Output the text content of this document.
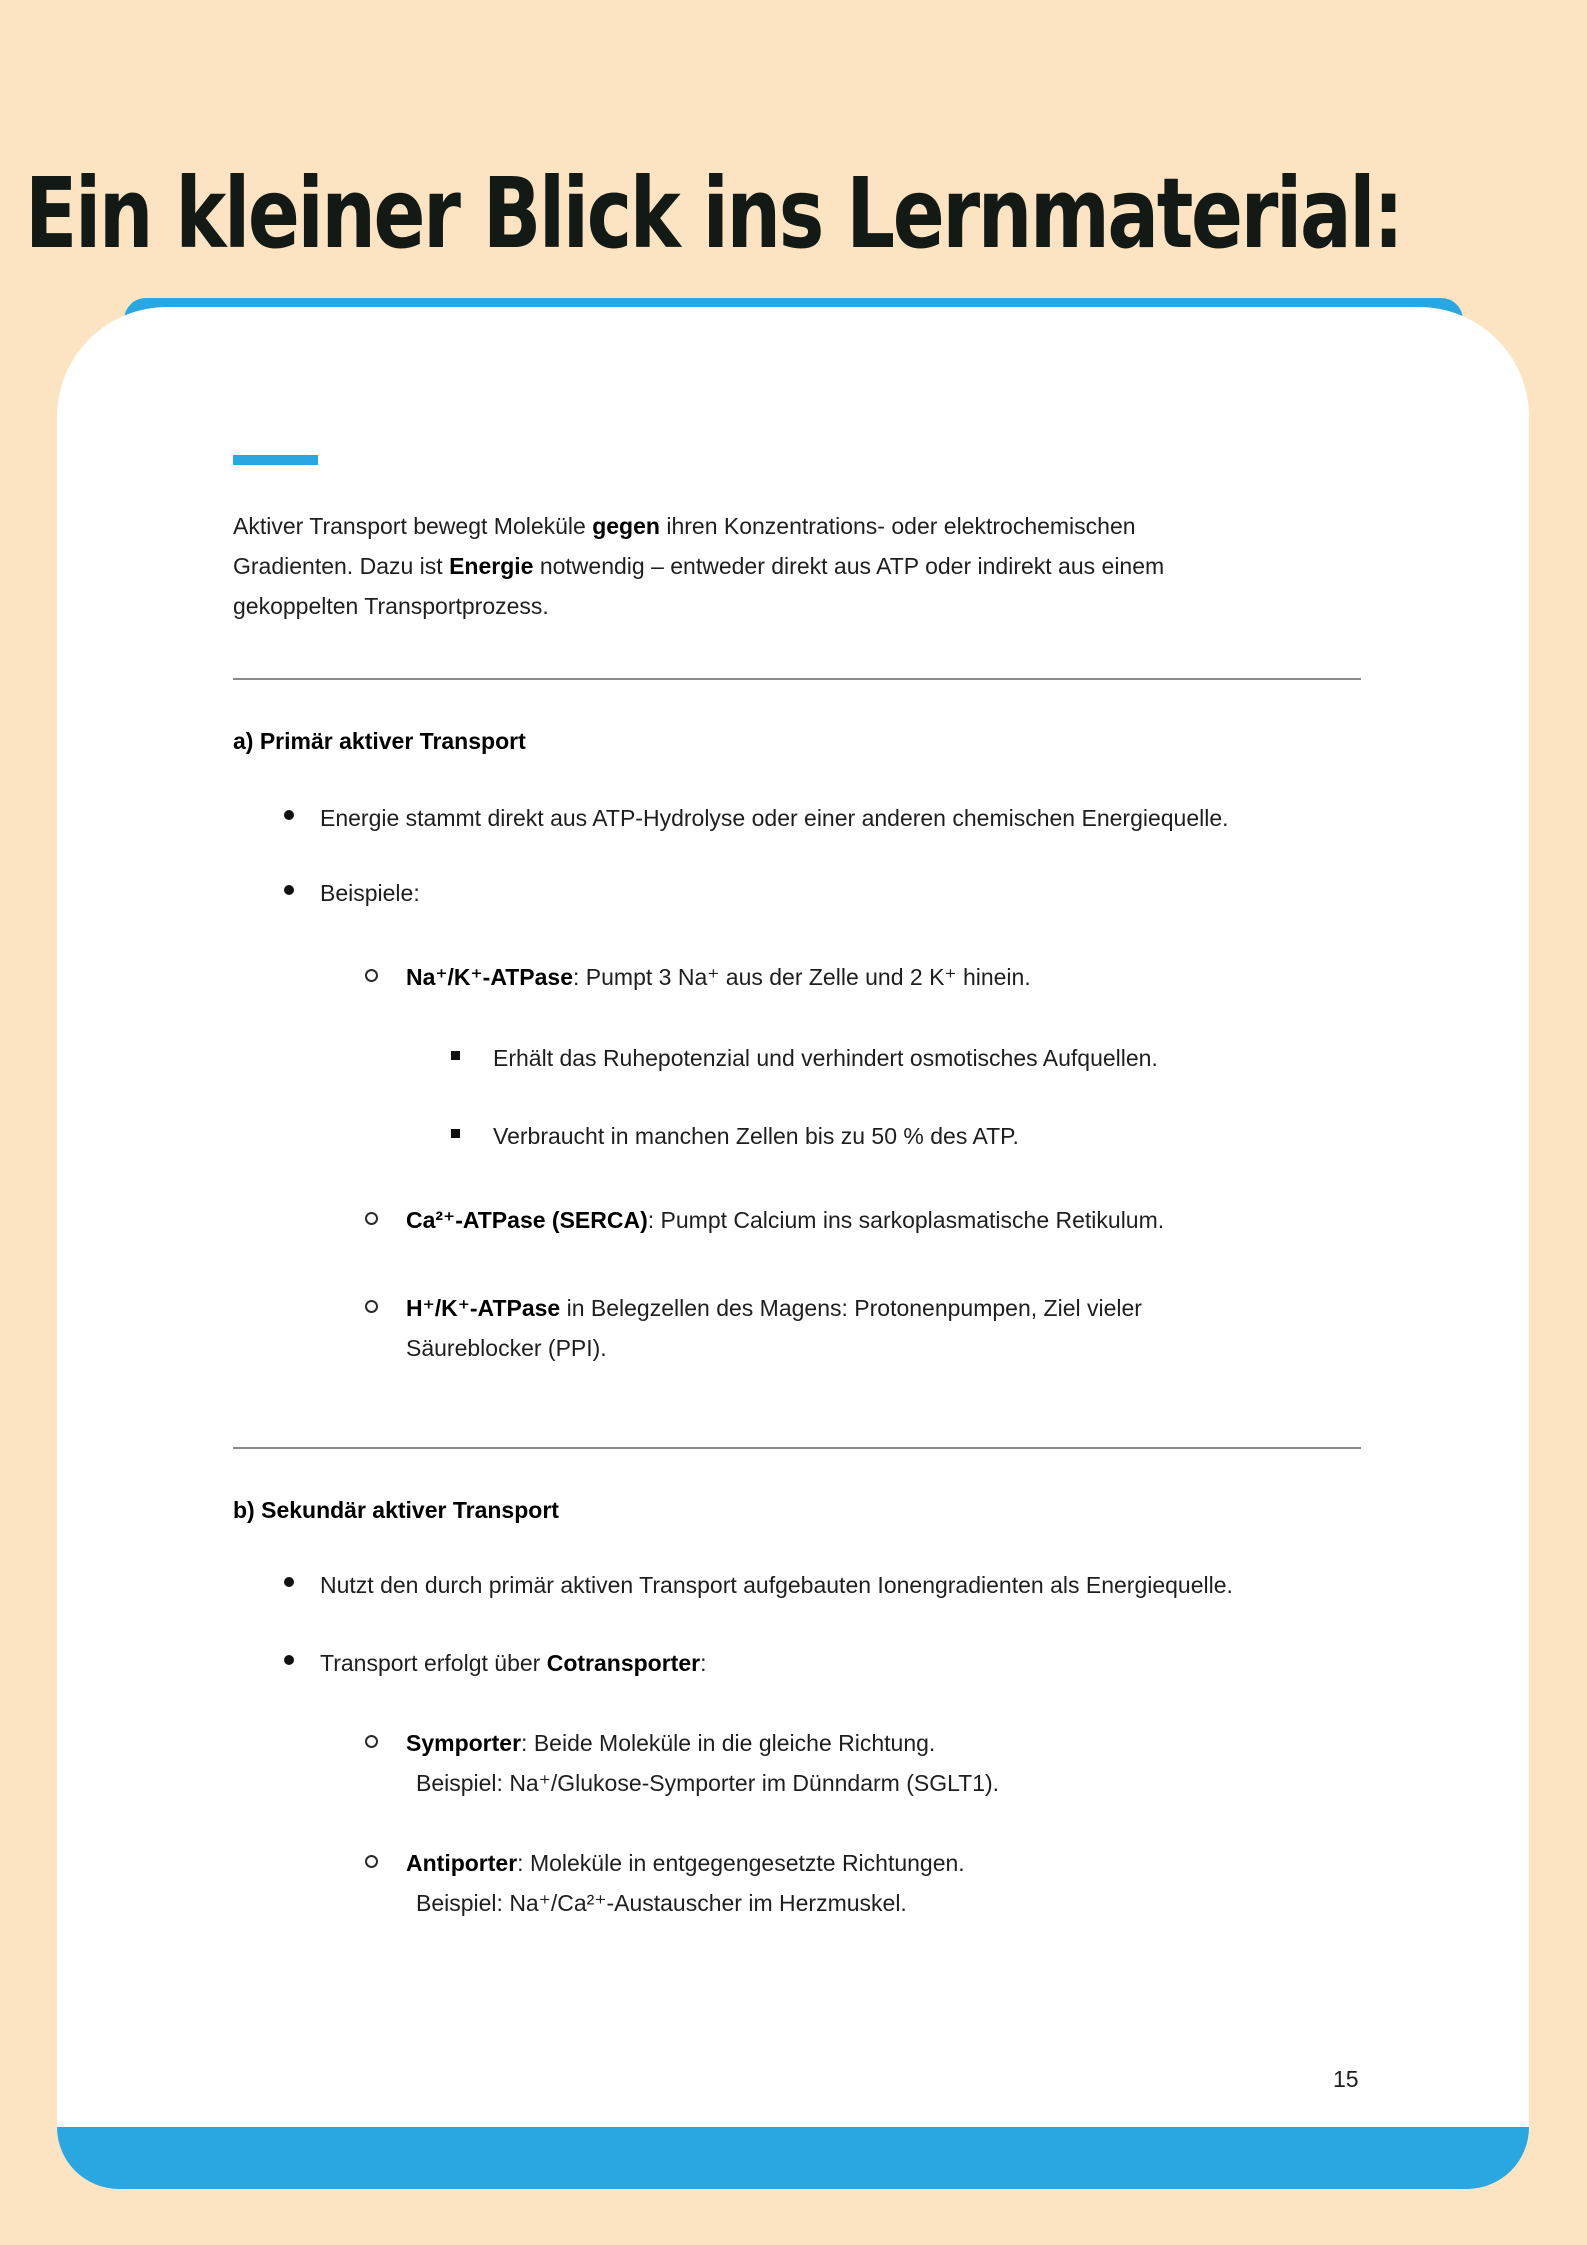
Ein kleiner Blick ins Lernmaterial:
Aktiver Transport bewegt Moleküle gegen ihren Konzentrations- oder elektrochemischen
Gradienten. Dazu ist Energie notwendig – entweder direkt aus ATP oder indirekt aus einem
gekoppelten Transportprozess.
a) Primär aktiver Transport
Energie stammt direkt aus ATP-Hydrolyse oder einer anderen chemischen Energiequelle.
Beispiele:
Na⁺/K⁺-ATPase: Pumpt 3 Na⁺ aus der Zelle und 2 K⁺ hinein.
Erhält das Ruhepotenzial und verhindert osmotisches Aufquellen.
Verbraucht in manchen Zellen bis zu 50 % des ATP.
Ca²⁺-ATPase (SERCA): Pumpt Calcium ins sarkoplasmatische Retikulum.
H⁺/K⁺-ATPase in Belegzellen des Magens: Protonenpumpen, Ziel vieler
Säureblocker (PPI).
b) Sekundär aktiver Transport
Nutzt den durch primär aktiven Transport aufgebauten Ionengradienten als Energiequelle.
Transport erfolgt über Cotransporter:
Symporter: Beide Moleküle in die gleiche Richtung.
Beispiel: Na⁺/Glukose-Symporter im Dünndarm (SGLT1).
Antiporter: Moleküle in entgegengesetzte Richtungen.
Beispiel: Na⁺/Ca²⁺-Austauscher im Herzmuskel.
15
